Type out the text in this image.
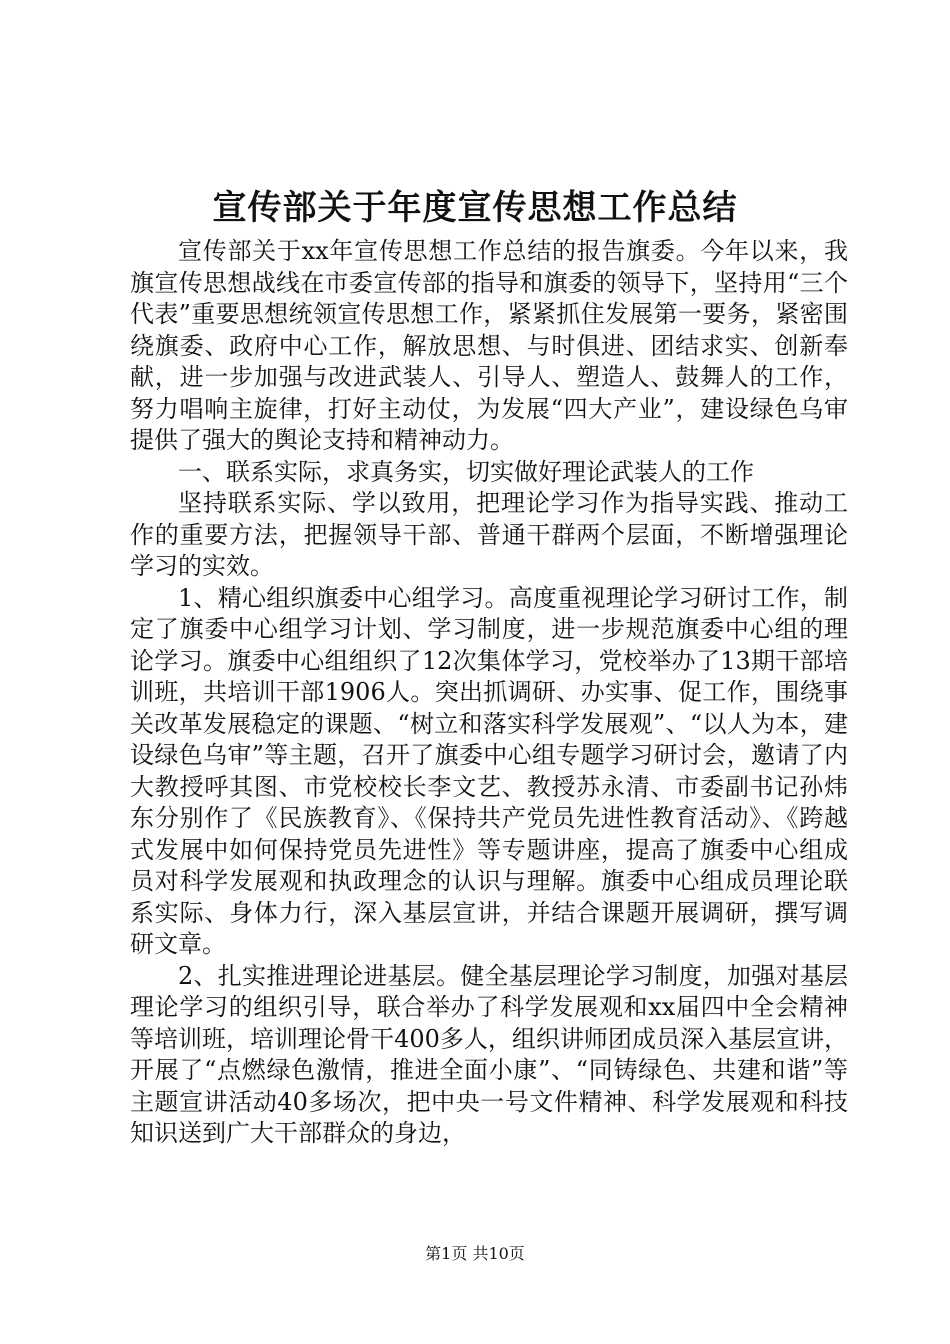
宣传部关于年度宣传思想工作总结

宣传部关于xx年宣传思想工作总结的报告旗委。今年以来，我旗宣传思想战线在市委宣传部的指导和旗委的领导下，坚持用“三个代表”重要思想统领宣传思想工作，紧紧抓住发展第一要务，紧密围绕旗委、政府中心工作，解放思想、与时俱进、团结求实、创新奉献，进一步加强与改进武装人、引导人、塑造人、鼓舞人的工作，努力唱响主旋律，打好主动仗，为发展“四大产业”，建设绿色乌审提供了强大的舆论支持和精神动力。

一、联系实际，求真务实，切实做好理论武装人的工作

坚持联系实际、学以致用，把理论学习作为指导实践、推动工作的重要方法，把握领导干部、普通干群两个层面，不断增强理论学习的实效。

1、精心组织旗委中心组学习。高度重视理论学习研讨工作，制定了旗委中心组学习计划、学习制度，进一步规范旗委中心组的理论学习。旗委中心组组织了12次集体学习，党校举办了13期干部培训班，共培训干部1906人。突出抓调研、办实事、促工作，围绕事关改革发展稳定的课题、“树立和落实科学发展观”、“以人为本，建设绿色乌审”等主题，召开了旗委中心组专题学习研讨会，邀请了内大教授呼其图、市党校校长李文艺、教授苏永清、市委副书记孙炜东分别作了《民族教育》、《保持共产党员先进性教育活动》、《跨越式发展中如何保持党员先进性》等专题讲座，提高了旗委中心组成员对科学发展观和执政理念的认识与理解。旗委中心组成员理论联系实际、身体力行，深入基层宣讲，并结合课题开展调研，撰写调研文章。

2、扎实推进理论进基层。健全基层理论学习制度，加强对基层理论学习的组织引导，联合举办了科学发展观和xx届四中全会精神等培训班，培训理论骨干400多人，组织讲师团成员深入基层宣讲，开展了“点燃绿色激情，推进全面小康”、“同铸绿色、共建和谐”等主题宣讲活动40多场次，把中央一号文件精神、科学发展观和科技知识送到广大干部群众的身边，

第1页 共10页
